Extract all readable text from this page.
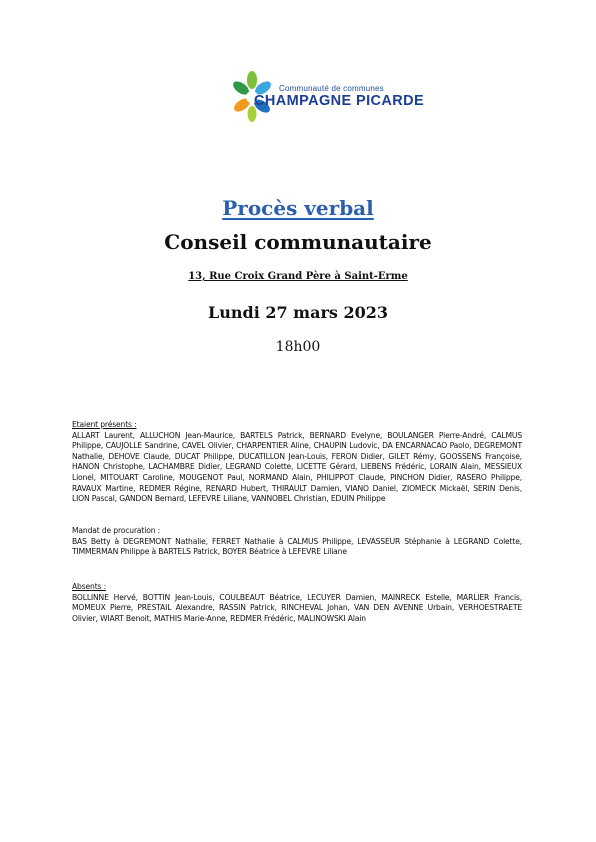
Communauté de communes
CHAMPAGNE PICARDE
Procès verbal
Conseil communautaire
13, Rue Croix Grand Père à Saint-Erme
Lundi 27 mars 2023
18h00
Etaient présents :
ALLART Laurent, ALLUCHON Jean-Maurice, BARTELS Patrick, BERNARD Evelyne, BOULANGER Pierre-André, CALMUS Philippe, CAUJOLLE Sandrine, CAVEL Olivier, CHARPENTIER Aline, CHAUPIN Ludovic, DA ENCARNACAO Paolo, DEGREMONT Nathalie, DEHOVE Claude, DUCAT Philippe, DUCATILLON Jean-Louis, FERON Didier, GILET Rémy, GOOSSENS Françoise, HANON Christophe, LACHAMBRE Didier, LEGRAND Colette, LICETTE Gérard, LIEBENS Frédéric, LORAIN Alain, MESSIEUX Lionel, MITOUART Caroline, MOUGENOT Paul, NORMAND Alain, PHILIPPOT Claude, PINCHON Didier, RASERO Philippe, RAVAUX Martine, REDMER Régine, RENARD Hubert, THIRAULT Damien, VIANO Daniel, ZIOMECK Mickaël, SERIN Denis, LION Pascal, GANDON Bernard, LEFEVRE Liliane, VANNOBEL Christian, EDUIN Philippe
Mandat de procuration :
BAS Betty à DEGREMONT Nathalie, FERRET Nathalie à CALMUS Philippe, LEVASSEUR Stéphanie à LEGRAND Colette, TIMMERMAN Philippe à BARTELS Patrick, BOYER Béatrice à LEFEVRE Liliane
Absents :
BOLLINNE Hervé, BOTTIN Jean-Louis, COULBEAUT Béatrice, LECUYER Damien, MAINRECK Estelle, MARLIER Francis, MOMEUX Pierre, PRESTAIL Alexandre, RASSIN Patrick, RINCHEVAL Johan, VAN DEN AVENNE Urbain, VERHOESTRAETE Olivier, WIART Benoit, MATHIS Marie-Anne, REDMER Frédéric, MALINOWSKI Alain
